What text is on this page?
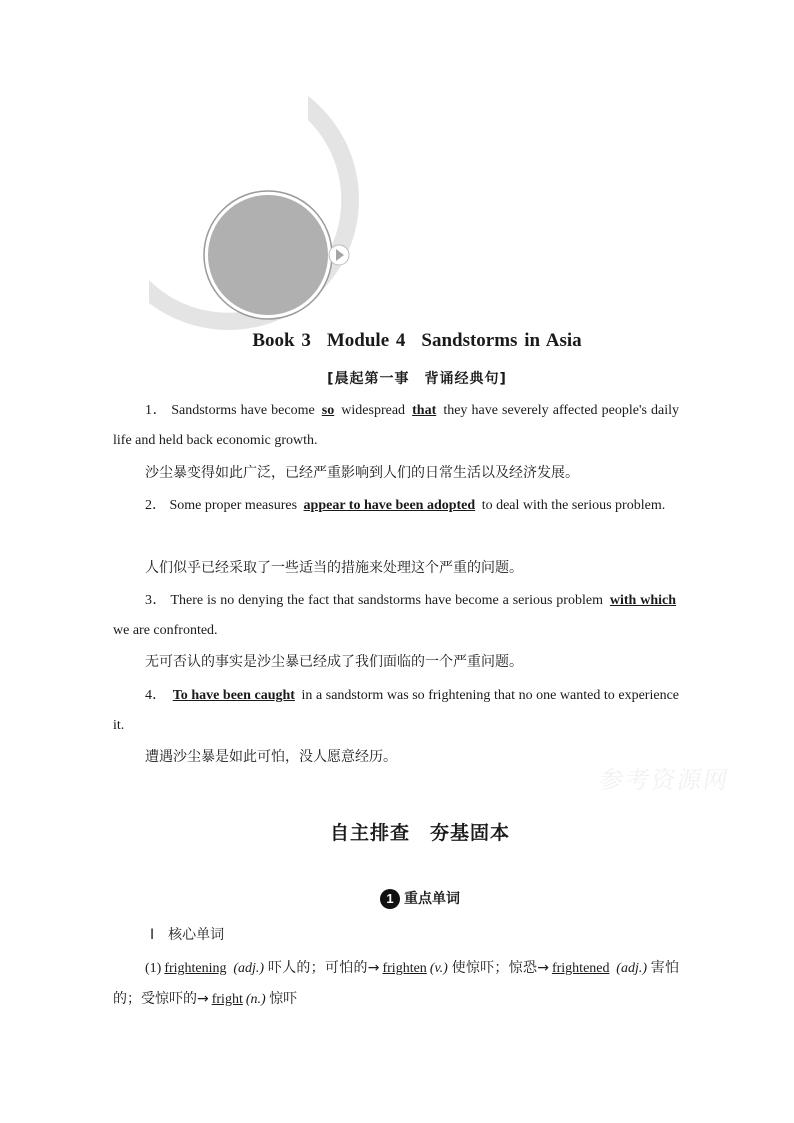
Book 3 Module 4 Sandstorms in Asia
[晨起第一事　背诵经典句]
1． Sandstorms have become so widespread that they have severely affected people's daily life and held back economic growth.
沙尘暴变得如此广泛，已经严重影响到人们的日常生活以及经济发展。
2． Some proper measures appear to have been adopted to deal with the serious problem.
人们似乎已经采取了一些适当的措施来处理这个严重的问题。
3． There is no denying the fact that sandstorms have become a serious problem with which we are confronted.
无可否认的事实是沙尘暴已经成了我们面临的一个严重问题。
4． To have been caught in a sandstorm was so frightening that no one wanted to experience it.
遭遇沙尘暴是如此可怕，没人愿意经历。
参考资源网
自主排查　夯基固本
1 重点单词
Ⅰ　 核心单词
(1) frightening (adj.) 吓人的；可怕的→ frighten (v.) 使惊吓；惊恐→ frightened (adj.) 害怕的；受惊吓的→ fright (n.) 惊吓
